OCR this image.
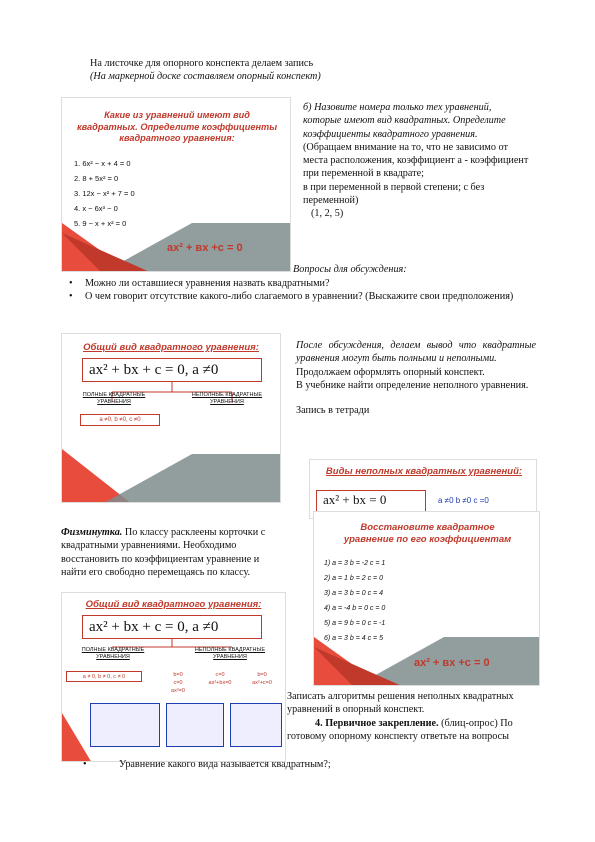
На листочке для опорного конспекта делаем запись
(На маркерной доске составляем опорный конспект)
Какие из уравнений имеют вид
квадратных. Определите коэффициенты
квадратного уравнения:
1. 6x² − x + 4 = 0
2. 8 + 5x² = 0
3. 12x − x² + 7 = 0
4. x − 6x³ − 0
5. 9 − x + x² = 0
ax² + вx +c = 0
б) Назовите номера только тех уравнений, которые имеют вид квадратных. Определите коэффициенты квадратного уравнения.
(Обращаем внимание на то, что не зависимо от места расположения, коэффициент a - коэффициент при переменной в квадрате;
в при переменной в первой степени; с без переменной)
(1, 2, 5)
Вопросы для обсуждения:
• Можно ли оставшиеся уравнения назвать квадратными?
• О чем говорит отсутствие какого-либо слагаемого в уравнении? (Выскажите свои предположения)
Общий вид квадратного уравнения:
ax² + bx + c = 0, a ≠0
ПОЛНЫЕ КВАДРАТНЫЕ УРАВНЕНИЯ
НЕПОЛНЫЕ КВАДРАТНЫЕ УРАВНЕНИЯ
a ≠0, b ≠0, c ≠0
После обсуждения, делаем вывод что квадратные уравнения могут быть полными и неполными.
Продолжаем оформлять опорный конспект.
В учебнике найти определение неполного уравнения.
Запись в тетради
Виды неполных квадратных уравнений:
ax² + bx = 0	a ≠0 b ≠0 c =0
Физминутка. По классу расклеены корточки с квадратными уравнениями. Необходимо восстановить по коэффициентам уравнение и найти его свободно перемещаясь по классу.
Восстановите квадратное
уравнение по его коэффициентам
1) a = 3 b = -2 c = 1
2) a = 1 b = 2 c = 0
3) a = 3 b = 0 c = 4
4) a = -4 b = 0 c = 0
5) a = 9 b = 0 c = -1
6) a = 3 b = 4 c = 5
ax² + вx +c = 0
Общий вид квадратного уравнения:
ax² + bx + c = 0, a ≠0
ПОЛНЫЕ КВАДРАТНЫЕ УРАВНЕНИЯ
НЕПОЛНЫЕ КВАДРАТНЫЕ УРАВНЕНИЯ
a ≠ 0, b ≠ 0, c ≠ 0	b=0
c=0
ax²=0
c=0
ax²+bx=0
b=0
ax²+c=0
Записать алгоритмы решения неполных квадратных уравнений в опорный конспект.
4. Первичное закрепление. (блиц-опрос) По готовому опорному конспекту ответьте на вопросы
•	Уравнение какого вида называется квадратным?;
